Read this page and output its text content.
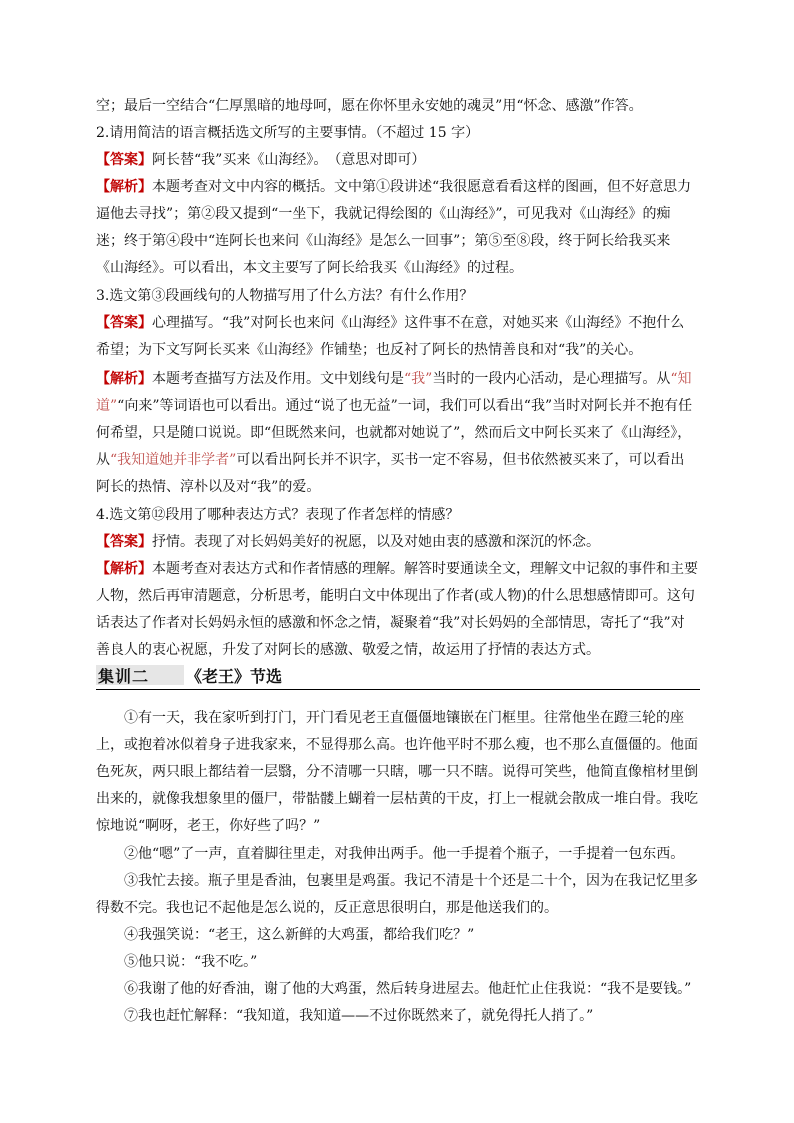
空；最后一空结合“仁厚黑暗的地母呵，愿在你怀里永安她的魂灵”用“怀念、感激”作答。

2.请用简洁的语言概括选文所写的主要事情。（不超过 15 字）

【答案】阿长替“我”买来《山海经》。　（意思对即可）

【解析】本题考查对文中内容的概括。文中第①段讲述“我很愿意看看这样的图画，但不好意思力逼他去寻找”；第②段又提到“一坐下，我就记得绘图的《山海经》”，可见我对《山海经》的痴迷；终于第④段中“连阿长也来问《山海经》是怎么一回事”；第⑤至⑧段，终于阿长给我买来《山海经》。可以看出，本文主要写了阿长给我买《山海经》的过程。

3.选文第③段画线句的人物描写用了什么方法？有什么作用？

【答案】心理描写。“我”对阿长也来问《山海经》这件事不在意，对她买来《山海经》不抱什么希望；为下文写阿长买来《山海经》作铺垫；也反衬了阿长的热情善良和对“我”的关心。

【解析】本题考查描写方法及作用。文中划线句是“我”当时的一段内心活动，是心理描写。从“知道”“向来”等词语也可以看出。通过“说了也无益”一词，我们可以看出“我”当时对阿长并不抱有任何希望，只是随口说说。即“但既然来问，也就都对她说了”，然而后文中阿长买来了《山海经》，从“我知道她并非学者”可以看出阿长并不识字，买书一定不容易，但书依然被买来了，可以看出阿长的热情、淳朴以及对“我”的爱。

4.选文第⑫段用了哪种表达方式？表现了作者怎样的情感？

【答案】抒情。表现了对长妈妈美好的祝愿，以及对她由衷的感激和深沉的怀念。

【解析】本题考查对表达方式和作者情感的理解。解答时要通读全文，理解文中记叙的事件和主要人物，然后再审清题意，分析思考，能明白文中体现出了作者(或人物)的什么思想感情即可。这句话表达了作者对长妈妈永恒的感激和怀念之情，凝聚着“我”对长妈妈的全部情思，寄托了“我”对善良人的衷心祝愿，升发了对阿长的感激、敬爱之情，故运用了抒情的表达方式。

集训二 《老王》节选

①有一天，我在家听到打门，开门看见老王直僵僵地镶嵌在门框里。往常他坐在蹬三轮的座上，或抱着冰似着身子进我家来，不显得那么高。也许他平时不那么瘦，也不那么直僵僵的。他面色死灰，两只眼上都结着一层翳，分不清哪一只瞎，哪一只不瞎。说得可笑些，他简直像棺材里倒出来的，就像我想象里的僵尸，带骷髅上蝴着一层枯黄的干皮，打上一棍就会散成一堆白骨。我吃惊地说“啊呀，老王，你好些了吗？”

②他“嗯”了一声，直着脚往里走，对我伸出两手。他一手提着个瓶子，一手提着一包东西。

③我忙去接。瓶子里是香油，包裹里是鸡蛋。我记不清是十个还是二十个，因为在我记忆里多得数不完。我也记不起他是怎么说的，反正意思很明白，那是他送我们的。

④我强笑说：“老王，这么新鲜的大鸡蛋，都给我们吃？”

⑤他只说：“我不吃。”

⑥我谢了他的好香油，谢了他的大鸡蛋，然后转身进屋去。他赶忙止住我说：“我不是要钱。”

⑦我也赶忙解释：“我知道，我知道——不过你既然来了，就免得托人捎了。”
